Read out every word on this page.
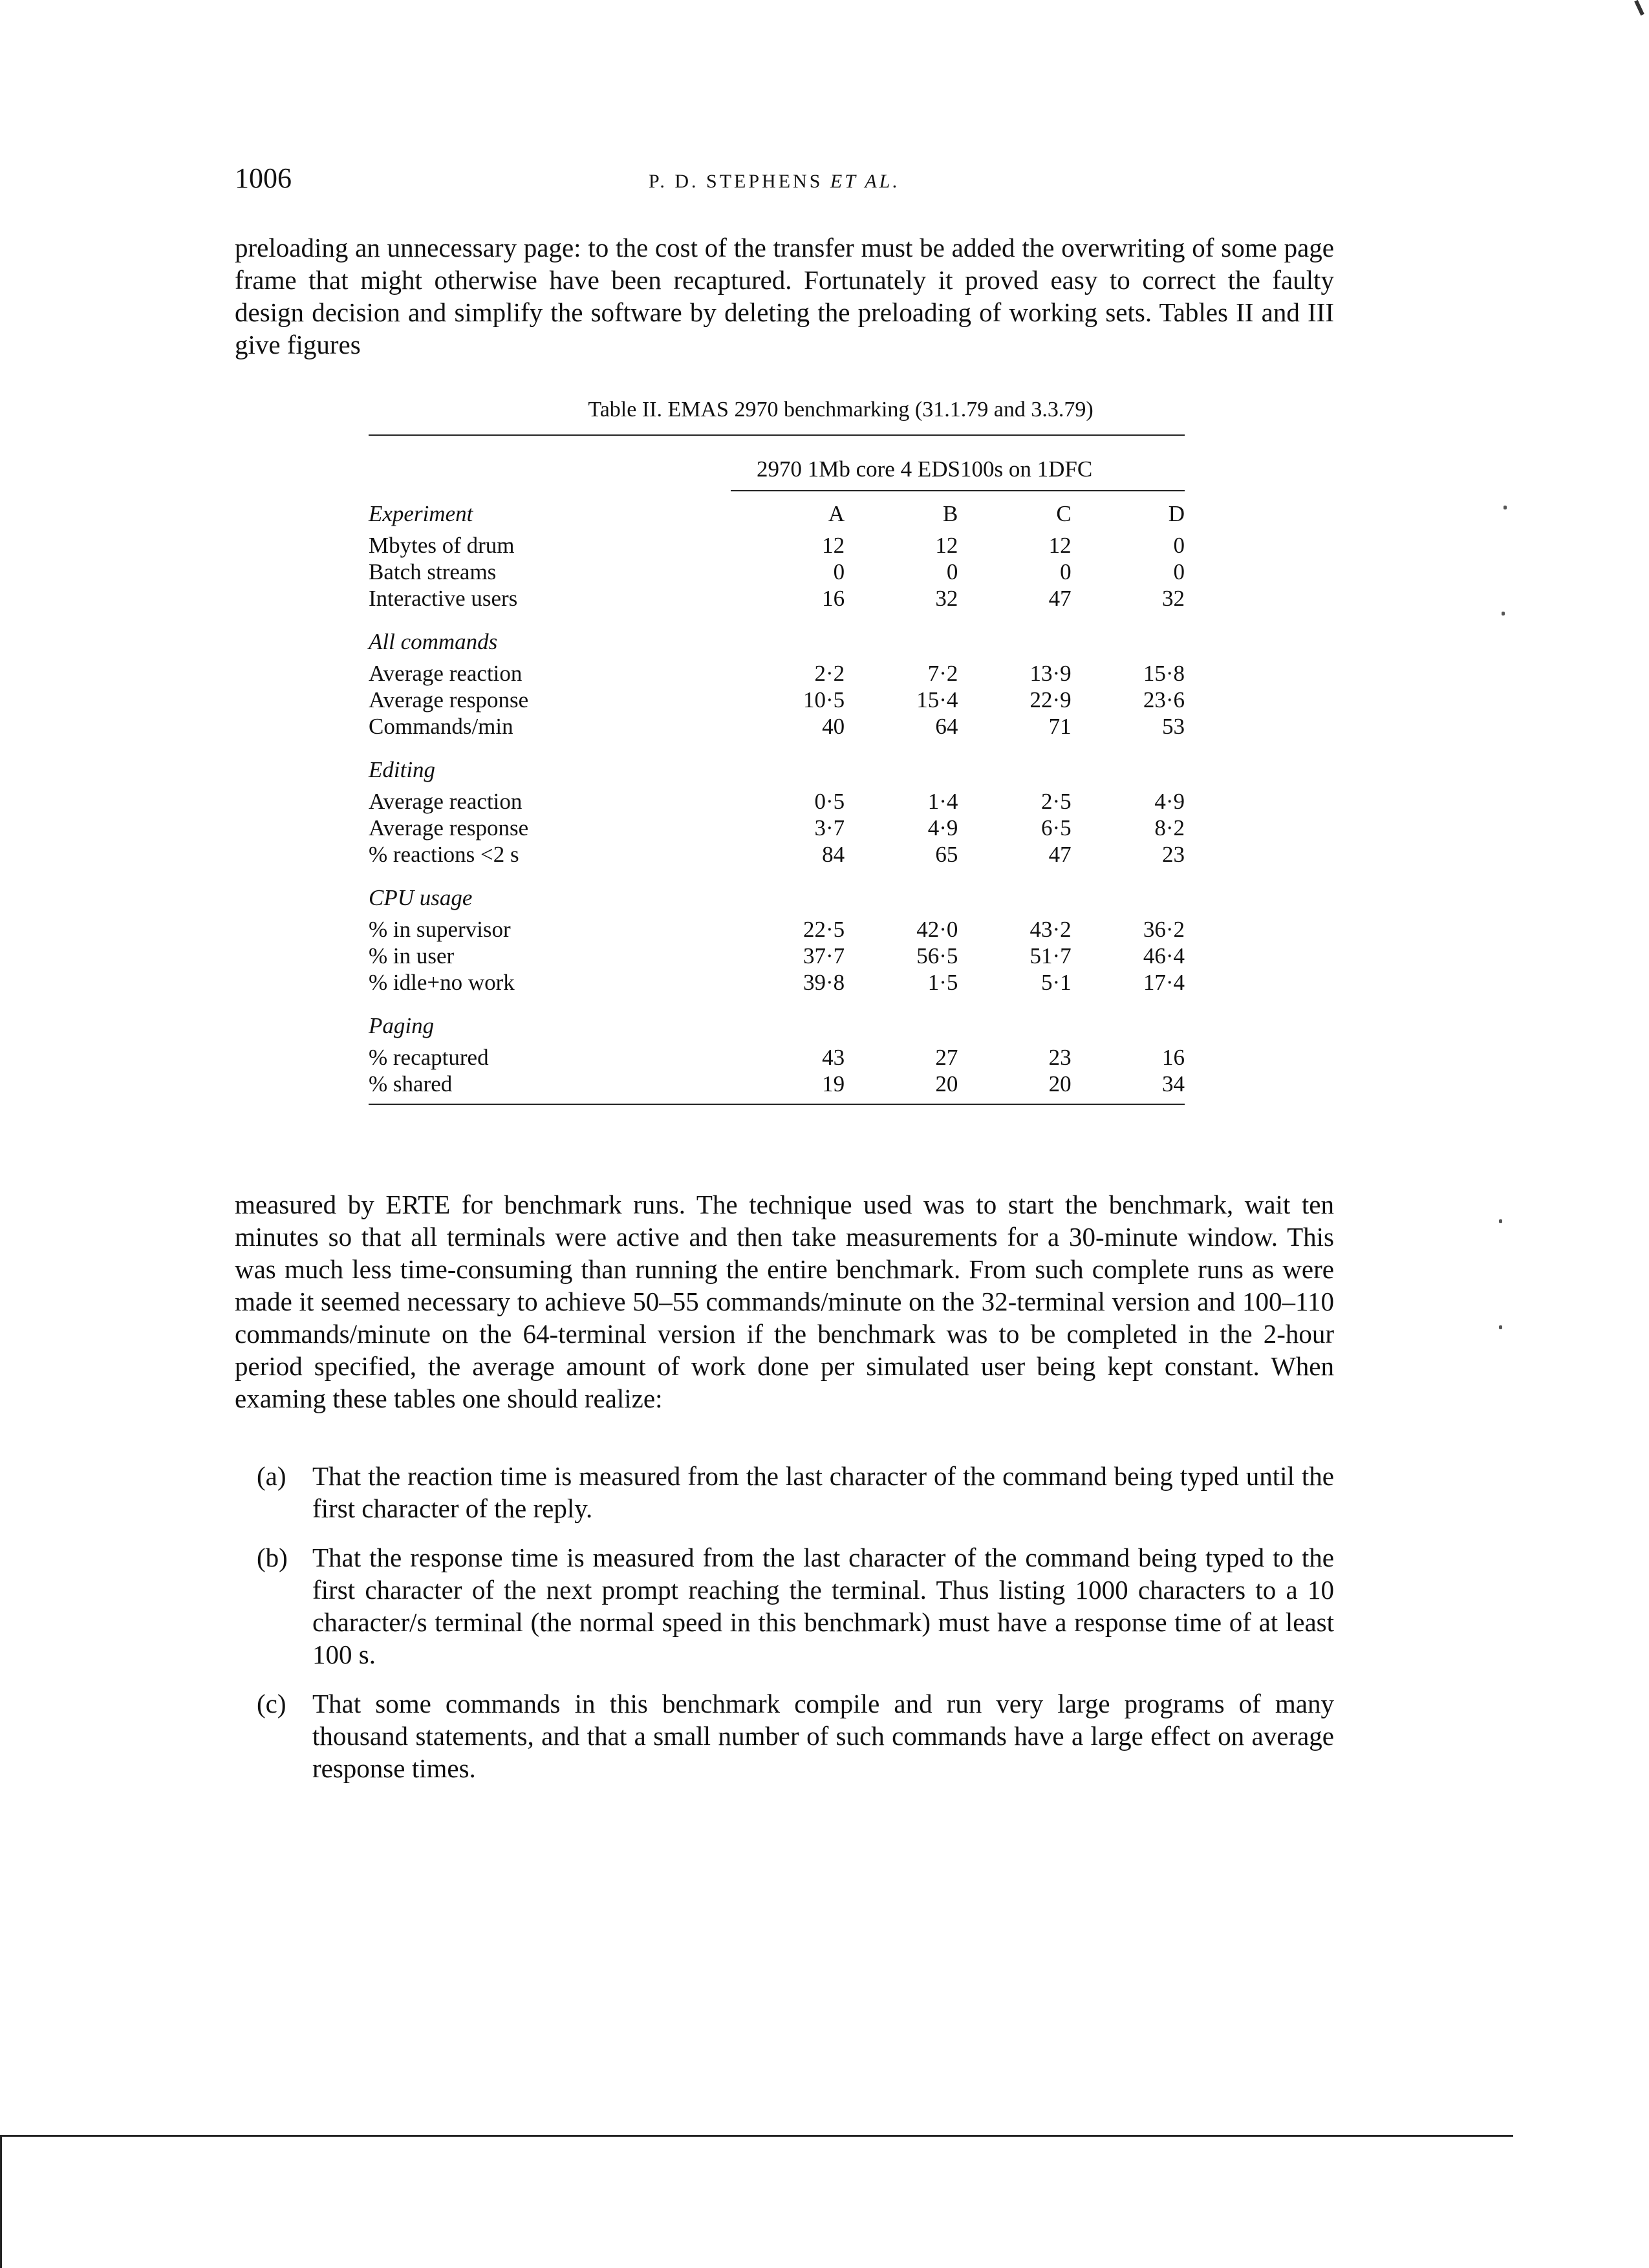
1006	P. D. STEPHENS ET AL.
preloading an unnecessary page: to the cost of the transfer must be added the overwriting of some page frame that might otherwise have been recaptured. Fortunately it proved easy to correct the faulty design decision and simplify the software by deleting the preloading of working sets. Tables II and III give figures
Table II. EMAS 2970 benchmarking (31.1.79 and 3.3.79)
2970 1Mb core 4 EDS100s on 1DFC
Experiment	A	B	C	D
Mbytes of drum	12	12	12	0
Batch streams	0	0	0	0
Interactive users	16	32	47	32
All commands				
Average reaction	2·2	7·2	13·9	15·8
Average response	10·5	15·4	22·9	23·6
Commands/min	40	64	71	53
Editing				
Average reaction	0·5	1·4	2·5	4·9
Average response	3·7	4·9	6·5	8·2
% reactions <2 s	84	65	47	23
CPU usage				
% in supervisor	22·5	42·0	43·2	36·2
% in user	37·7	56·5	51·7	46·4
% idle+no work	39·8	1·5	5·1	17·4
Paging				
% recaptured	43	27	23	16
% shared	19	20	20	34
measured by ERTE for benchmark runs. The technique used was to start the benchmark, wait ten minutes so that all terminals were active and then take measurements for a 30-minute window. This was much less time-consuming than running the entire benchmark. From such complete runs as were made it seemed necessary to achieve 50–55 commands/minute on the 32-terminal version and 100–110 commands/minute on the 64-terminal version if the benchmark was to be completed in the 2-hour period specified, the average amount of work done per simulated user being kept constant. When examing these tables one should realize:
(a) That the reaction time is measured from the last character of the command being typed until the first character of the reply.
(b) That the response time is measured from the last character of the command being typed to the first character of the next prompt reaching the terminal. Thus listing 1000 characters to a 10 character/s terminal (the normal speed in this benchmark) must have a response time of at least 100 s.
(c) That some commands in this benchmark compile and run very large programs of many thousand statements, and that a small number of such commands have a large effect on average response times.
